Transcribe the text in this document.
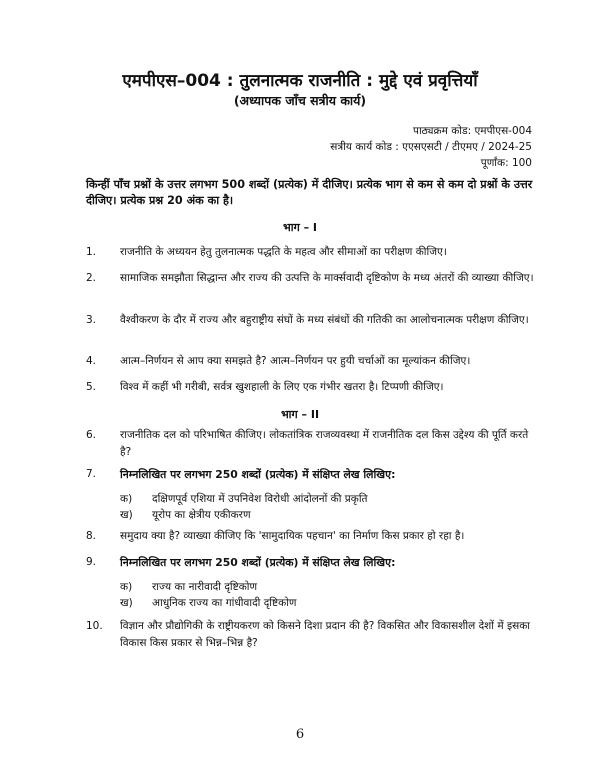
एमपीएस–004 : तुलनात्मक राजनीति : मुद्दे एवं प्रवृत्तियाँ
(अध्यापक जाँच सत्रीय कार्य)
पाठ्यक्रम कोड: एमपीएस-004
सत्रीय कार्य कोड : एएसएसटी / टीएमए / 2024-25
पूर्णांक: 100
किन्हीं पाँच प्रश्नों के उत्तर लगभग 500 शब्दों (प्रत्येक) में दीजिए। प्रत्येक भाग से कम से कम दो प्रश्नों के उत्तर दीजिए। प्रत्येक प्रश्न 20 अंक का है।
भाग – I
1. राजनीति के अध्ययन हेतु तुलनात्मक पद्धति के महत्व और सीमाओं का परीक्षण कीजिए।
2. सामाजिक समझौता सिद्धान्त और राज्य की उत्पत्ति के मार्क्सवादी दृष्टिकोण के मध्य अंतरों की व्याख्या कीजिए।
3. वैश्वीकरण के दौर में राज्य और बहुराष्ट्रीय संघों के मध्य संबंधों की गतिकी का आलोचनात्मक परीक्षण कीजिए।
4. आत्म–निर्णयन से आप क्या समझते है? आत्म–निर्णयन पर हुयी चर्चाओं का मूल्यांकन कीजिए।
5. विश्व में कहीं भी गरीबी, सर्वत्र खुशहाली के लिए एक गंभीर खतरा है। टिप्पणी कीजिए।
भाग – II
6. राजनीतिक दल को परिभाषित कीजिए। लोकतांत्रिक राजव्यवस्था में राजनीतिक दल किस उद्देश्य की पूर्ति करते है?
7. निम्नलिखित पर लगभग 250 शब्दों (प्रत्येक) में संक्षिप्त लेख लिखिए:
क) दक्षिणपूर्व एशिया में उपनिवेश विरोधी आंदोलनों की प्रकृति
ख) यूरोप का क्षेत्रीय एकीकरण
8. समुदाय क्या है? व्याख्या कीजिए कि 'सामुदायिक पहचान' का निर्माण किस प्रकार हो रहा है।
9. निम्नलिखित पर लगभग 250 शब्दों (प्रत्येक) में संक्षिप्त लेख लिखिए:
क) राज्य का नारीवादी दृष्टिकोण
ख) आधुनिक राज्य का गांधीवादी दृष्टिकोण
10. विज्ञान और प्रौद्योगिकी के राष्ट्रीयकरण को किसने दिशा प्रदान की है? विकसित और विकासशील देशों में इसका विकास किस प्रकार से भिन्न–भिन्न है?
6
